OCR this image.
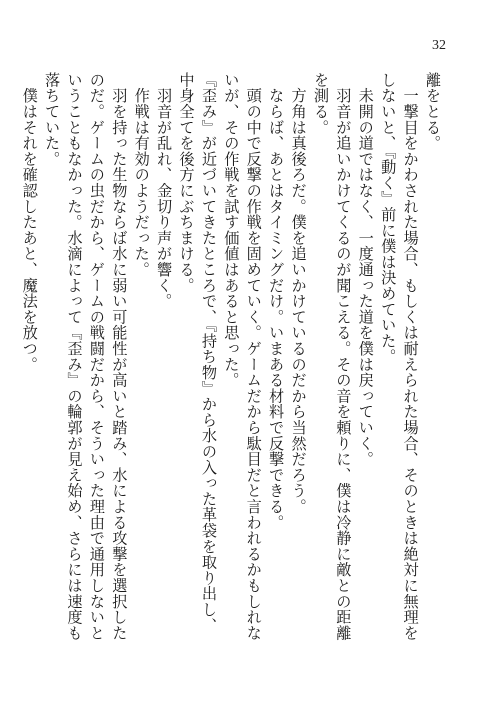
32

離をとる。

　一撃目をかわされた場合、もしくは耐えられた場合、そのときは絶対に無理をしないと、『動く』前に僕は決めていた。

　未開の道ではなく、一度通った道を僕は戻っていく。

　羽音が追いかけてくるのが聞こえる。その音を頼りに、僕は冷静に敵との距離を測る。

　方角は真後ろだ。僕を追いかけているのだから当然だろう。

　ならば、あとはタイミングだけ。いまある材料で反撃できる。

　頭の中で反撃の作戦を固めていく。ゲームだから駄目だと言われるかもしれないが、その作戦を試す価値はあると思った。

『歪み』が近づいてきたところで、『持ち物』から水の入った革袋を取り出し、中身全てを後方にぶちまける。

　羽音が乱れ、金切り声が響く。

　作戦は有効のようだった。

　羽を持った生物ならば水に弱い可能性が高いと踏み、水による攻撃を選択したのだ。ゲームの虫だから、ゲームの戦闘だから、そういった理由で通用しないということもなかった。水滴によって『歪み』の輪郭が見え始め、さらには速度も落ちていた。

　僕はそれを確認したあと、魔法を放つ。
